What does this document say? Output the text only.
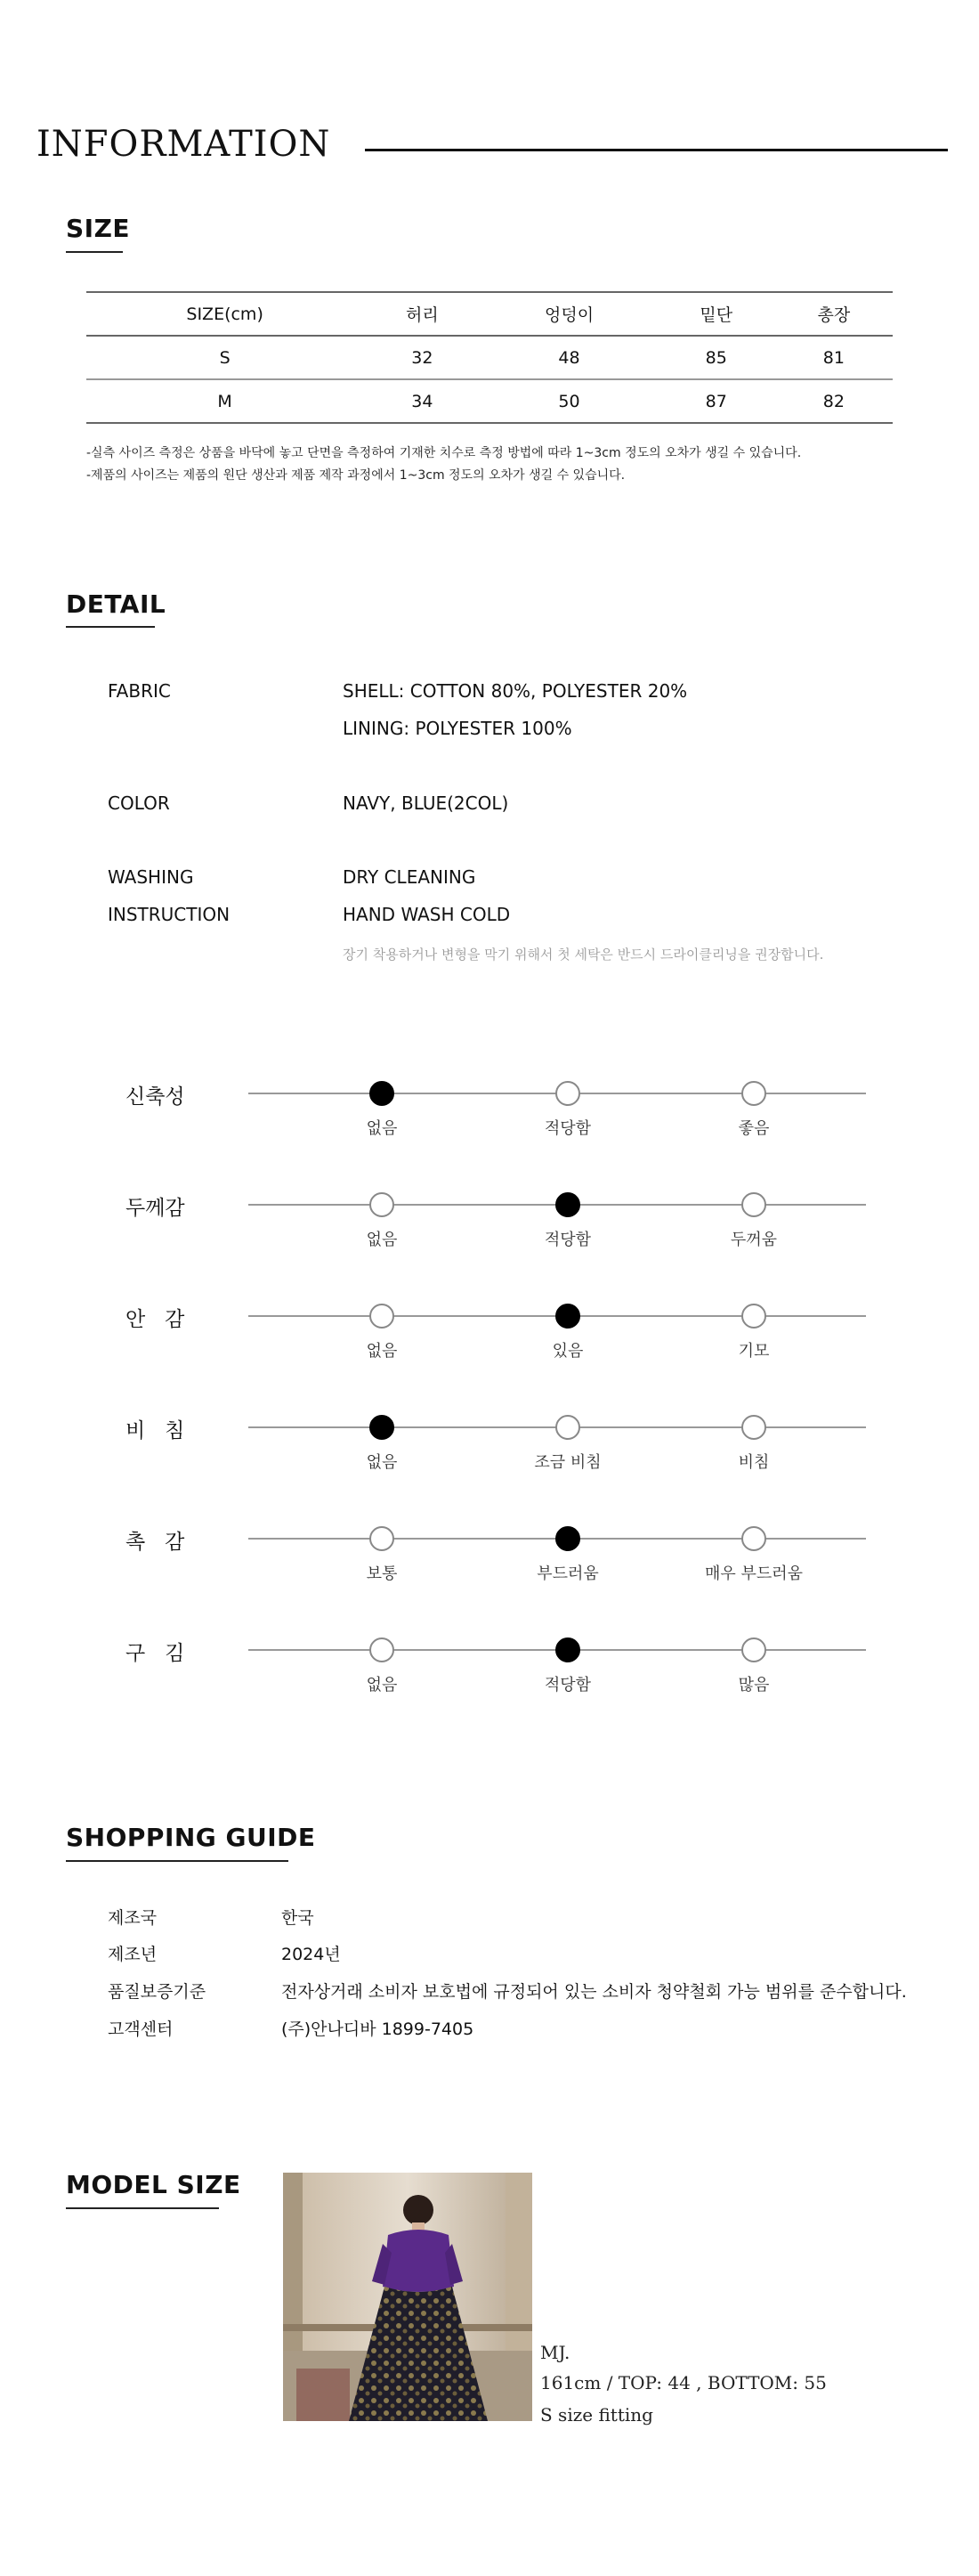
INFORMATION
SIZE
SIZE(cm)	허리	엉덩이	밑단	총장
S	32	48	85	81
M	34	50	87	82
-실측 사이즈 측정은 상품을 바닥에 놓고 단면을 측정하여 기재한 치수로 측정 방법에 따라 1~3cm 정도의 오차가 생길 수 있습니다.
-제품의 사이즈는 제품의 원단 생산과 제품 제작 과정에서 1~3cm 정도의 오차가 생길 수 있습니다.
DETAIL
FABRIC	SHELL: COTTON 80%, POLYESTER 20%
LINING: POLYESTER 100%
COLOR	NAVY, BLUE(2COL)
WASHING	DRY CLEANING
INSTRUCTION	HAND WASH COLD
장기 착용하거나 변형을 막기 위해서 첫 세탁은 반드시 드라이클리닝을 권장합니다.
신축성
없음	적당함	좋음
두께감
없음	적당함	두꺼움
안   감
없음	있음	기모
비   침
없음	조금 비침	비침
촉   감
보통	부드러움	매우 부드러움
구   김
없음	적당함	많음
SHOPPING GUIDE
제조국	한국
제조년	2024년
품질보증기준	전자상거래 소비자 보호법에 규정되어 있는 소비자 청약철회 가능 범위를 준수합니다.
고객센터	(주)안나디바 1899-7405
MODEL SIZE
MJ.
161cm / TOP: 44 , BOTTOM: 55
S size fitting
